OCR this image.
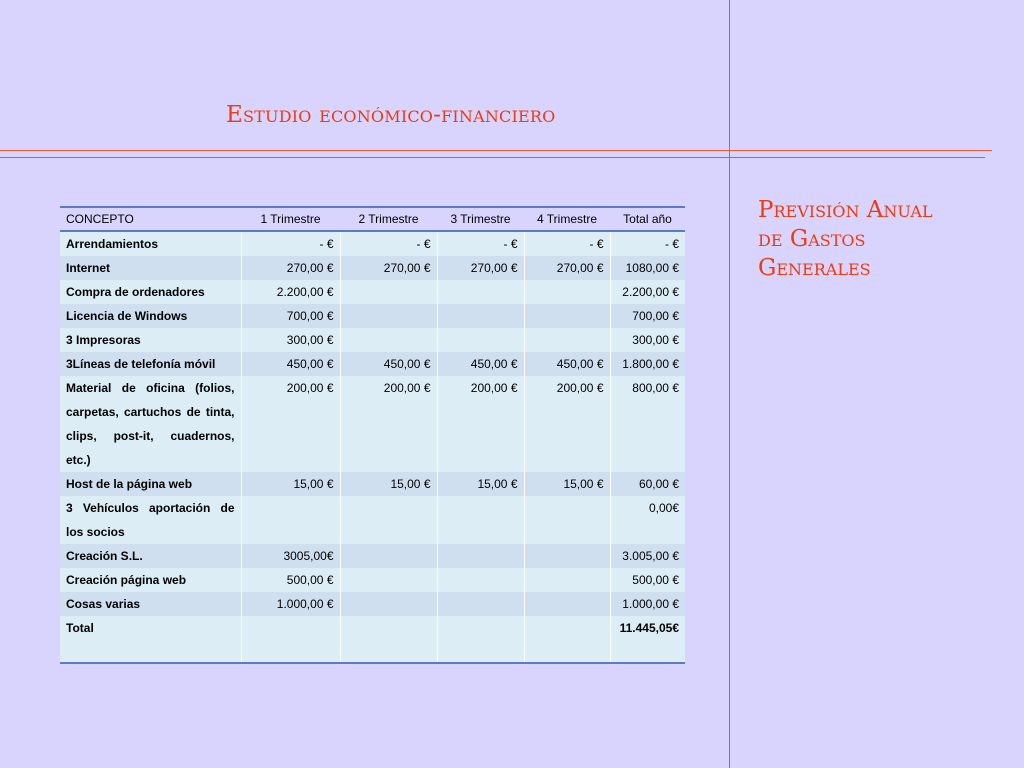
Estudio económico-financiero
Previsión Anual
de Gastos
Generales
CONCEPTO	1 Trimestre	2 Trimestre	3 Trimestre	4 Trimestre	Total año
Arrendamientos	- €	- €	- €	- €	- €
Internet	270,00 €	270,00 €	270,00 €	270,00 €	1080,00 €
Compra de ordenadores	2.200,00 €				2.200,00 €
Licencia de Windows	700,00 €				700,00 €
3 Impresoras	300,00 €				300,00 €
3Líneas de telefonía móvil	450,00 €	450,00 €	450,00 €	450,00 €	1.800,00 €
Material de oficina (folios, carpetas, cartuchos de tinta, clips, post-it, cuadernos, etc.)	200,00 €	200,00 €	200,00 €	200,00 €	800,00 €
Host de la página web	15,00 €	15,00 €	15,00 €	15,00 €	60,00 €
3 Vehículos aportación de los socios					0,00€
Creación S.L.	3005,00€				3.005,00 €
Creación página web	500,00 €				500,00 €
Cosas varias	1.000,00 €				1.000,00 €
Total					11.445,05€
